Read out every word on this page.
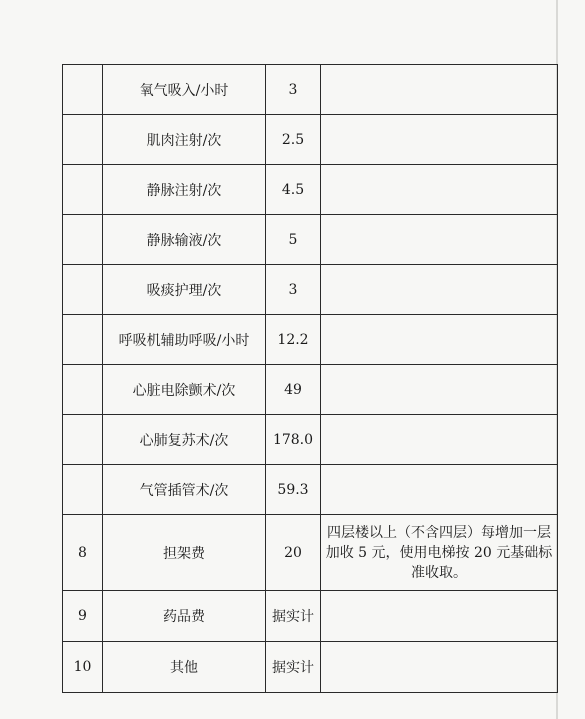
	氧气吸入/小时	3	
	肌肉注射/次	2.5	
	静脉注射/次	4.5	
	静脉输液/次	5	
	吸痰护理/次	3	
	呼吸机辅助呼吸/小时	12.2	
	心脏电除颤术/次	49	
	心肺复苏术/次	178.0	
	气管插管术/次	59.3	
8	担架费	20	四层楼以上（不含四层）每增加一层加收 5 元，使用电梯按 20 元基础标准收取。
9	药品费	据实计	
10	其他	据实计	
